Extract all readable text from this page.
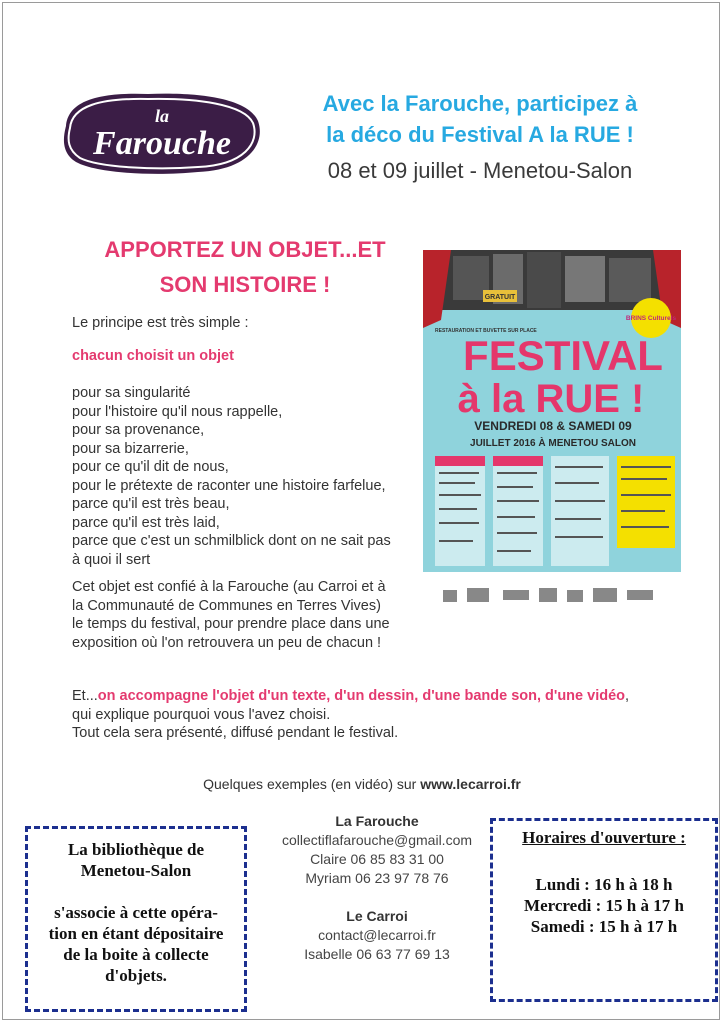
la
Farouche
Avec la Farouche, participez à
la déco du Festival A la RUE !
08 et 09 juillet - Menetou-Salon
APPORTEZ UN OBJET...ET
SON HISTOIRE !
Le principe est très simple :
chacun choisit un objet
pour sa singularité
pour l'histoire qu'il nous rappelle,
pour sa provenance,
pour sa bizarrerie,
pour ce qu'il dit de nous,
pour le prétexte de raconter une histoire farfelue,
parce qu'il est très beau,
parce qu'il est très laid,
parce que c'est un schmilblick dont on ne sait pas
à quoi il sert
Cet objet est confié à la Farouche (au Carroi et à
la Communauté de Communes en Terres Vives)
le temps du festival, pour prendre place dans une
exposition où l'on retrouvera un peu de chacun !
Et...on accompagne l'objet d'un texte, d'un dessin, d'une bande son, d'une vidéo,
qui explique pourquoi vous l'avez choisi.
Tout cela sera présenté, diffusé pendant le festival.
GRATUIT
RESTAURATION ET BUVETTE SUR PLACE
BRINS Culturels
FESTIVAL
à la RUE !
VENDREDI 08 & SAMEDI 09
JUILLET 2016 À MENETOU SALON
Quelques exemples (en vidéo) sur www.lecarroi.fr
La Farouche
collectiflafarouche@gmail.com
Claire 06 85 83 31 00
Myriam 06 23 97 78 76
Le Carroi
contact@lecarroi.fr
Isabelle 06 63 77 69 13
La bibliothèque de
Menetou-Salon
s'associe à cette opéra-
tion en étant dépositaire
de la boite à collecte
d'objets.
Horaires d'ouverture :
Lundi : 16 h à 18 h
Mercredi : 15 h à 17 h
Samedi : 15 h à 17 h
